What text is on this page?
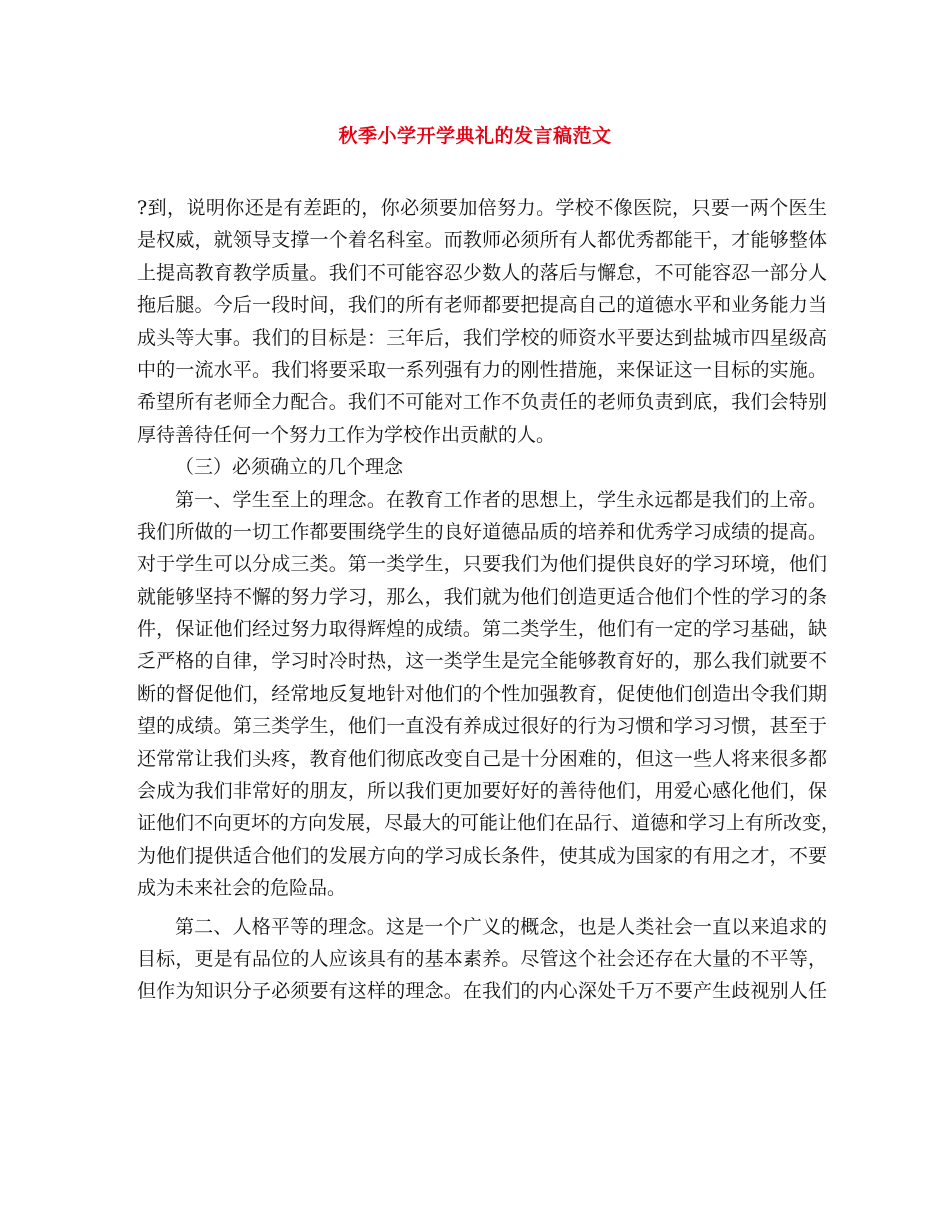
秋季小学开学典礼的发言稿范文
?到，说明你还是有差距的，你必须要加倍努力。学校不像医院，只要一两个医生
是权威，就领导支撑一个着名科室。而教师必须所有人都优秀都能干，才能够整体
上提高教育教学质量。我们不可能容忍少数人的落后与懈怠，不可能容忍一部分人
拖后腿。今后一段时间，我们的所有老师都要把提高自己的道德水平和业务能力当
成头等大事。我们的目标是：三年后，我们学校的师资水平要达到盐城市四星级高
中的一流水平。我们将要采取一系列强有力的刚性措施，来保证这一目标的实施。
希望所有老师全力配合。我们不可能对工作不负责任的老师负责到底，我们会特别
厚待善待任何一个努力工作为学校作出贡献的人。
（三）必须确立的几个理念
第一、学生至上的理念。在教育工作者的思想上，学生永远都是我们的上帝。
我们所做的一切工作都要围绕学生的良好道德品质的培养和优秀学习成绩的提高。
对于学生可以分成三类。第一类学生，只要我们为他们提供良好的学习环境，他们
就能够坚持不懈的努力学习，那么，我们就为他们创造更适合他们个性的学习的条
件，保证他们经过努力取得辉煌的成绩。第二类学生，他们有一定的学习基础，缺
乏严格的自律，学习时冷时热，这一类学生是完全能够教育好的，那么我们就要不
断的督促他们，经常地反复地针对他们的个性加强教育，促使他们创造出令我们期
望的成绩。第三类学生，他们一直没有养成过很好的行为习惯和学习习惯，甚至于
还常常让我们头疼，教育他们彻底改变自己是十分困难的，但这一些人将来很多都
会成为我们非常好的朋友，所以我们更加要好好的善待他们，用爱心感化他们，保
证他们不向更坏的方向发展，尽最大的可能让他们在品行、道德和学习上有所改变，
为他们提供适合他们的发展方向的学习成长条件，使其成为国家的有用之才，不要
成为未来社会的危险品。
第二、人格平等的理念。这是一个广义的概念，也是人类社会一直以来追求的
目标，更是有品位的人应该具有的基本素养。尽管这个社会还存在大量的不平等，
但作为知识分子必须要有这样的理念。在我们的内心深处千万不要产生歧视别人任
